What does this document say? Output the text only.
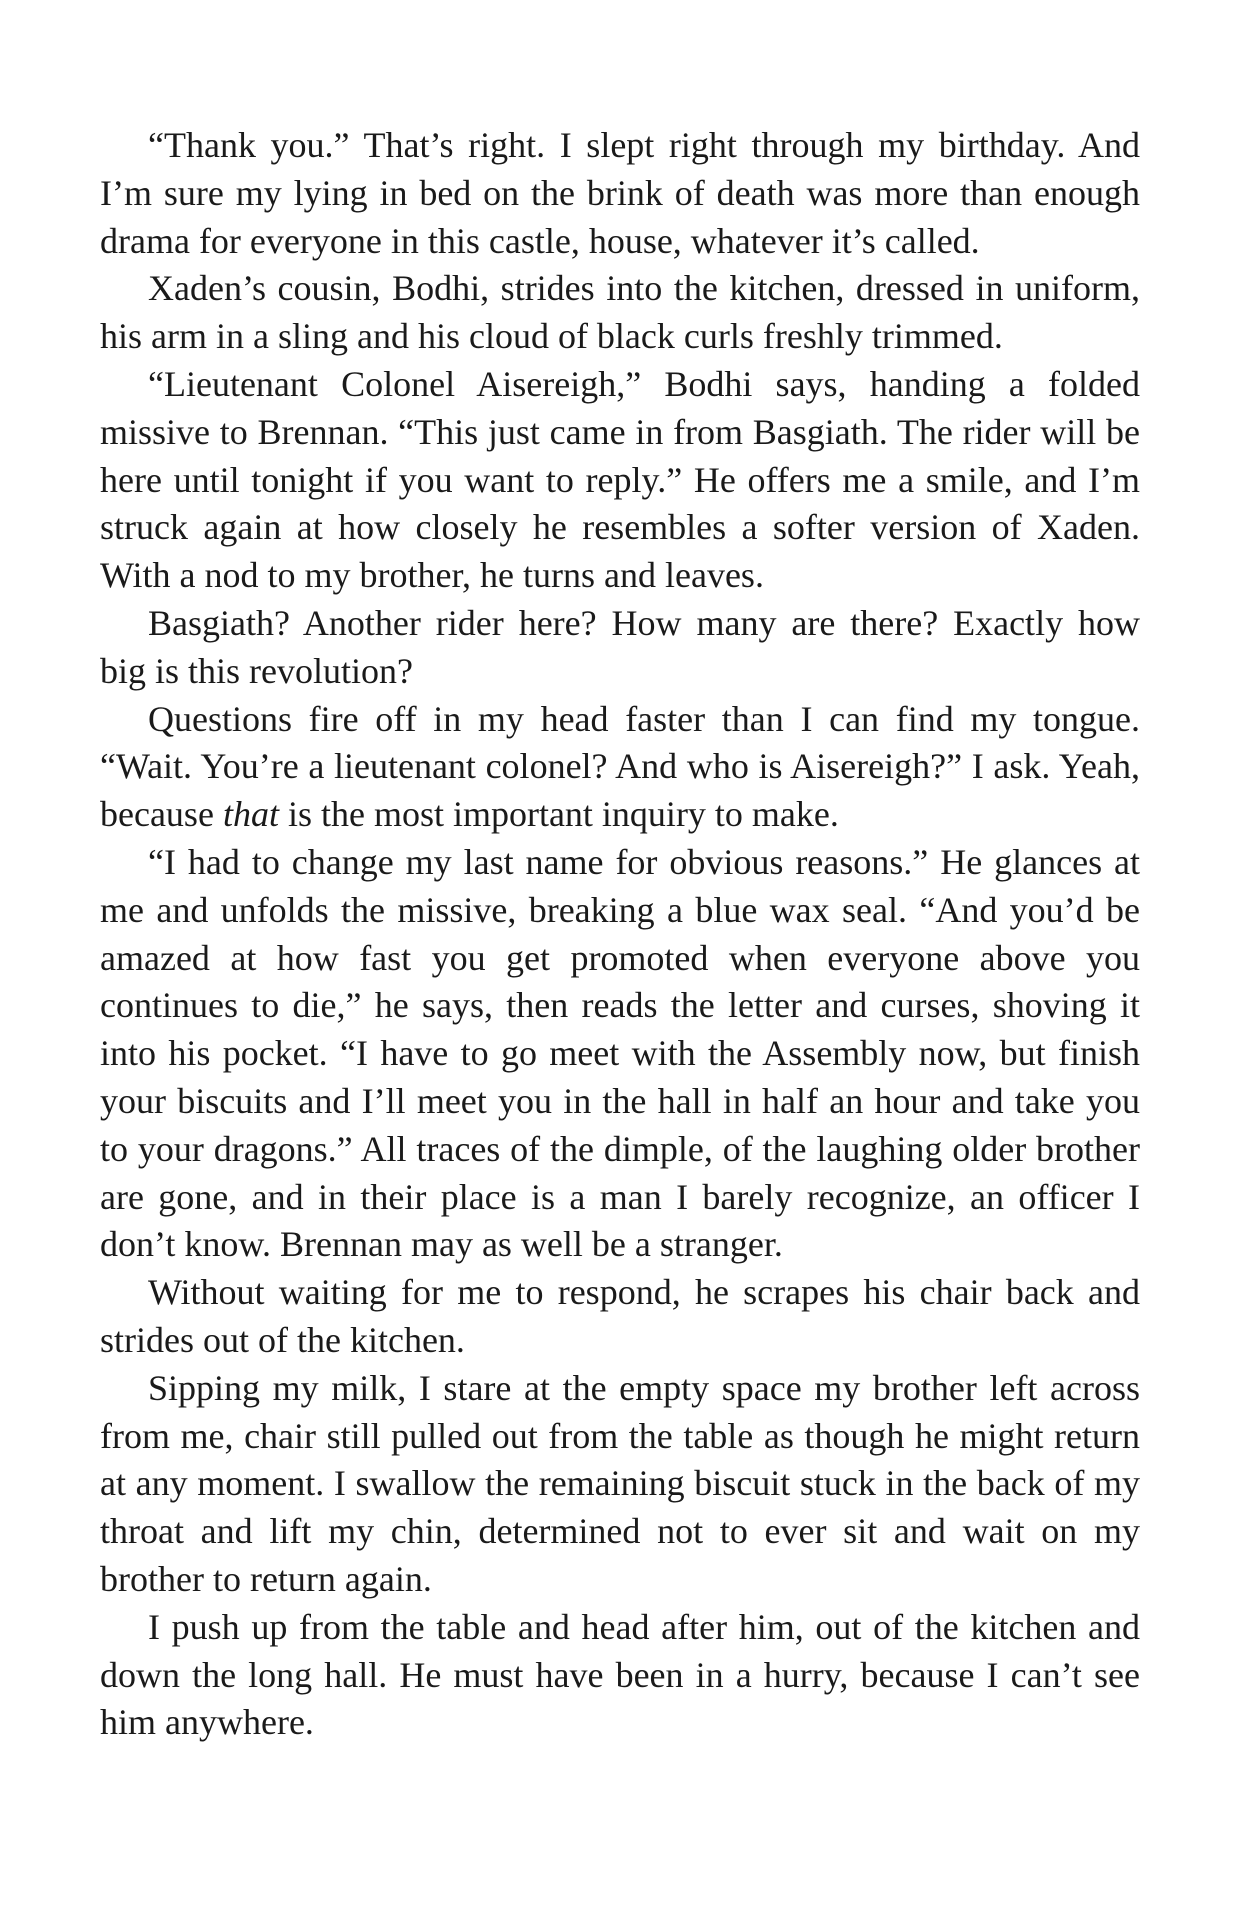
“Thank you.” That’s right. I slept right through my birthday. And I’m sure my lying in bed on the brink of death was more than enough drama for everyone in this castle, house, whatever it’s called.

Xaden’s cousin, Bodhi, strides into the kitchen, dressed in uniform, his arm in a sling and his cloud of black curls freshly trimmed.

“Lieutenant Colonel Aisereigh,” Bodhi says, handing a folded missive to Brennan. “This just came in from Basgiath. The rider will be here until tonight if you want to reply.” He offers me a smile, and I’m struck again at how closely he resembles a softer version of Xaden. With a nod to my brother, he turns and leaves.

Basgiath? Another rider here? How many are there? Exactly how big is this revolution?

Questions fire off in my head faster than I can find my tongue. “Wait. You’re a lieutenant colonel? And who is Aisereigh?” I ask. Yeah, because that is the most important inquiry to make.

“I had to change my last name for obvious reasons.” He glances at me and unfolds the missive, breaking a blue wax seal. “And you’d be amazed at how fast you get promoted when everyone above you continues to die,” he says, then reads the letter and curses, shoving it into his pocket. “I have to go meet with the Assembly now, but finish your biscuits and I’ll meet you in the hall in half an hour and take you to your dragons.” All traces of the dimple, of the laughing older brother are gone, and in their place is a man I barely recognize, an officer I don’t know. Brennan may as well be a stranger.

Without waiting for me to respond, he scrapes his chair back and strides out of the kitchen.

Sipping my milk, I stare at the empty space my brother left across from me, chair still pulled out from the table as though he might return at any moment. I swallow the remaining biscuit stuck in the back of my throat and lift my chin, determined not to ever sit and wait on my brother to return again.

I push up from the table and head after him, out of the kitchen and down the long hall. He must have been in a hurry, because I can’t see him anywhere.
